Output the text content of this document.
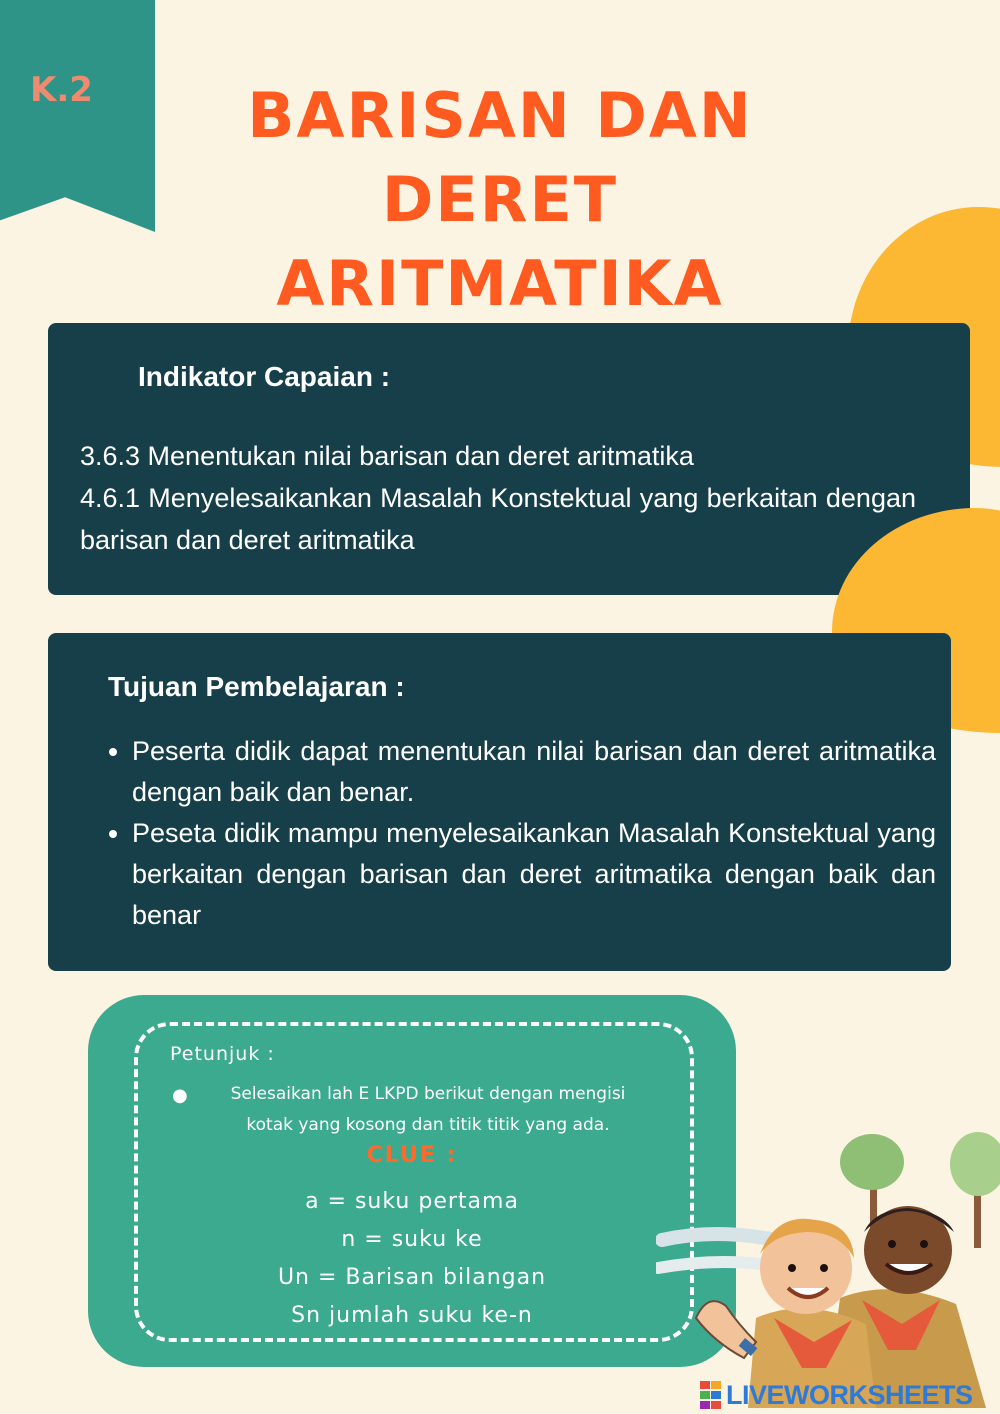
K.2	BARISAN DAN DERET
ARITMATIKA
Indikator Capaian :

3.6.3 Menentukan nilai barisan dan deret aritmatika

4.6.1 Menyelesaikankan Masalah Konstektual yang berkaitan dengan barisan dan deret aritmatika

Tujuan Pembelajaran :
• Peserta didik dapat menentukan nilai barisan dan deret aritmatika dengan baik dan benar.
• Peseta didik mampu menyelesaikankan Masalah Konstektual yang berkaitan dengan barisan dan deret aritmatika dengan baik dan benar
Petunjuk :
●	Selesaikan lah E LKPD berikut dengan mengisi kotak yang kosong dan titik titik yang ada.
CLUE :
a = suku pertama
n = suku ke
Un = Barisan bilangan
Sn jumlah suku ke-n
LIVEWORKSHEETS
